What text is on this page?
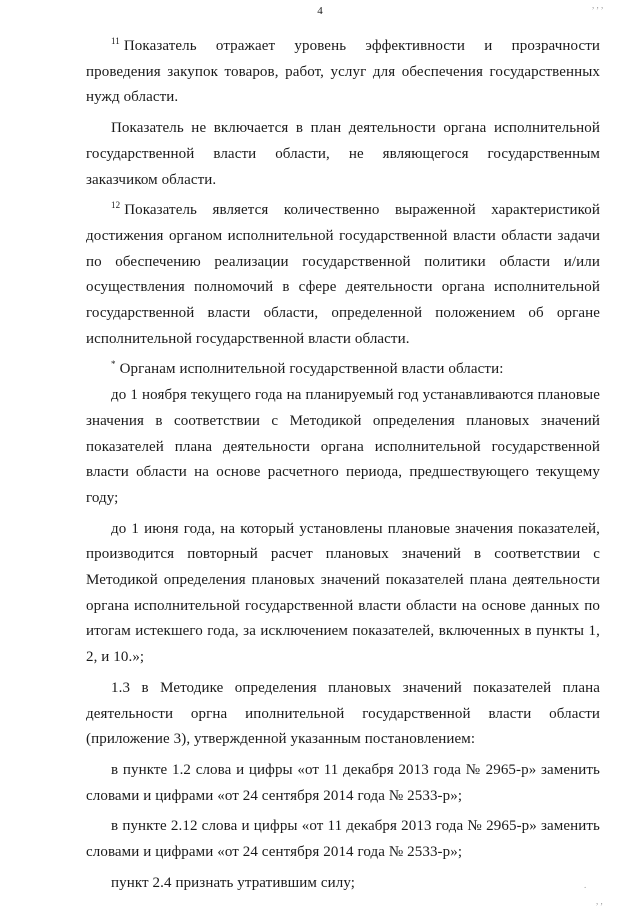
4	, , ,
.
, ,

$^{11}$ Показатель отражает уровень эффективности и прозрачности проведения закупок товаров, работ, услуг для обеспечения государственных нужд области.

Показатель не включается в план деятельности органа исполнительной государственной власти области, не являющегося государственным заказчиком области.

$^{12}$ Показатель является количественно выраженной характеристикой достижения органом исполнительной государственной власти области задачи по обеспечению реализации государственной политики области и/или осуществления полномочий в сфере деятельности органа исполнительной государственной власти области, определенной положением об органе исполнительной государственной власти области.

* Органам исполнительной государственной власти области:

до 1 ноября текущего года на планируемый год устанавливаются плановые значения в соответствии с Методикой определения плановых значений показателей плана деятельности органа исполнительной государственной власти области на основе расчетного периода, предшествующего текущему году;

до 1 июня года, на который установлены плановые значения показателей, производится повторный расчет плановых значений в соответствии с Методикой определения плановых значений показателей плана деятельности органа исполнительной государственной власти области на основе данных по итогам истекшего года, за исключением показателей, включенных в пункты 1, 2, и 10.»;

1.3 в Методике определения плановых значений показателей плана деятельности оргна иполнительной государственной власти области (приложение 3), утвержденной указанным постановлением:

в пункте 1.2 слова и цифры «от 11 декабря 2013 года № 2965-р» заменить словами и цифрами «от 24 сентября 2014 года № 2533-р»;

в пункте 2.12 слова и цифры «от 11 декабря 2013 года № 2965-р» заменить словами и цифрами «от 24 сентября 2014 года № 2533-р»;

пункт 2.4 признать утратившим силу;
